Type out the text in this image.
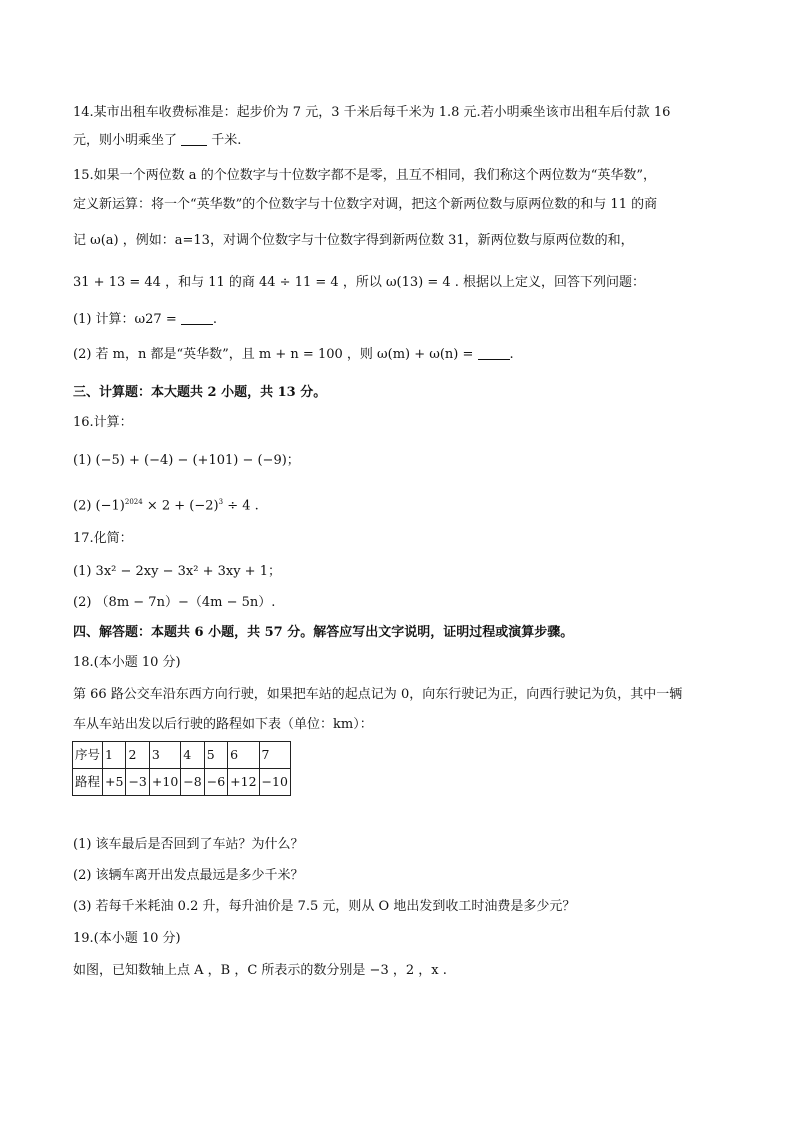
14.某市出租车收费标准是：起步价为 7 元，3 千米后每千米为 1.8 元.若小明乘坐该市出租车后付款 16
元，则小明乘坐了  千米.
15.如果一个两位数 a 的个位数字与十位数字都不是零，且互不相同，我们称这个两位数为“英华数”，
定义新运算：将一个“英华数”的个位数字与十位数字对调，把这个新两位数与原两位数的和与 11 的商
记 ω(a) ，例如：a=13，对调个位数字与十位数字得到新两位数 31，新两位数与原两位数的和，
31 + 13 = 44 ，和与 11 的商 44 ÷ 11 = 4 ，所以 ω(13) = 4 . 根据以上定义，回答下列问题：
(1) 计算：ω27 = .
(2) 若 m，n 都是“英华数”，且 m + n = 100 ，则 ω(m) + ω(n) = .
三、计算题：本大题共 2 小题，共 13 分。
16.计算：
(1) (−5) + (−4) − (+101) − (−9)；
(2) $(-1)^{2024} \times 2 + (-2)^3 \div 4$ .
17.化简：
(1) 3x² − 2xy − 3x² + 3xy + 1；
(2) （8m − 7n）−（4m − 5n）.
四、解答题：本题共 6 小题，共 57 分。解答应写出文字说明，证明过程或演算步骤。
18.(本小题 10 分)
第 66 路公交车沿东西方向行驶，如果把车站的起点记为 0，向东行驶记为正，向西行驶记为负，其中一辆
车从车站出发以后行驶的路程如下表（单位：km）：
序号	1	2	3	4	5	6	7
路程	+5	−3	+10	−8	−6	+12	−10
(1) 该车最后是否回到了车站？为什么？
(2) 该辆车离开出发点最远是多少千米？
(3) 若每千米耗油 0.2 升，每升油价是 7.5 元，则从 O 地出发到收工时油费是多少元？
19.(本小题 10 分)
如图，已知数轴上点 A ，B ，C 所表示的数分别是 −3 ，2 ，x .
